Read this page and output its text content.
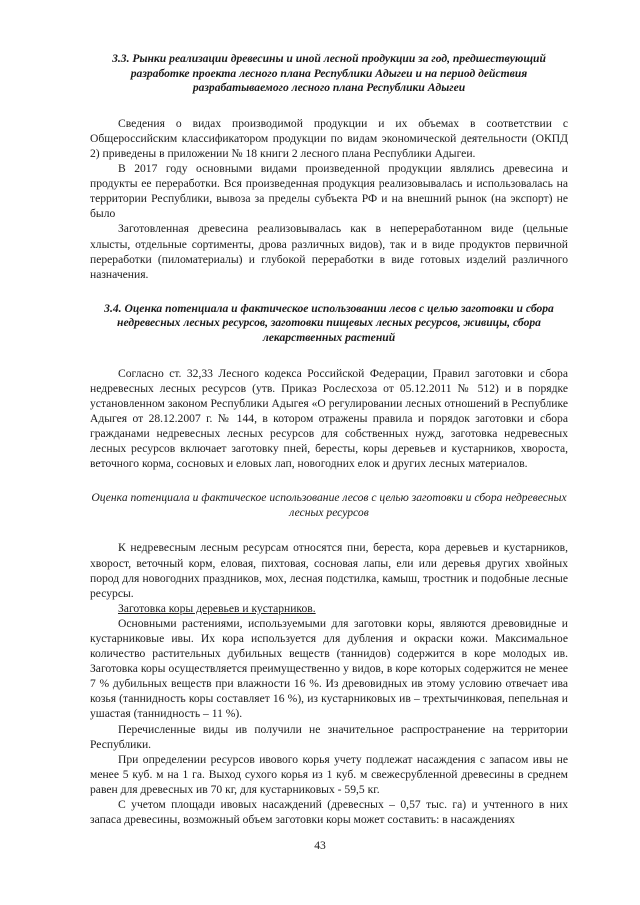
3.3. Рынки реализации древесины и иной лесной продукции за год, предшествующий разработке проекта лесного плана Республики Адыгеи и на период действия разрабатываемого лесного плана Республики Адыгеи

Сведения о видах производимой продукции и их объемах в соответствии с Общероссийским классификатором продукции по видам экономической деятельности (ОКПД 2) приведены в приложении № 18 книги 2 лесного плана Республики Адыгеи.

В 2017 году основными видами произведенной продукции являлись древесина и продукты ее переработки. Вся произведенная продукция реализовывалась и использовалась на территории Республики, вывоза за пределы субъекта РФ и на внешний рынок (на экспорт) не было

Заготовленная древесина реализовывалась как в непереработанном виде (цельные хлысты, отдельные сортименты, дрова различных видов), так и в виде продуктов первичной переработки (пиломатериалы) и глубокой переработки в виде готовых изделий различного назначения.

3.4. Оценка потенциала и фактическое использовании лесов с целью заготовки и сбора недревесных лесных ресурсов, заготовки пищевых лесных ресурсов, живицы, сбора лекарственных растений

Согласно ст. 32,33 Лесного кодекса Российской Федерации, Правил заготовки и сбора недревесных лесных ресурсов (утв. Приказ Рослесхоза от 05.12.2011 № 512) и в порядке установленном законом Республики Адыгея «О регулировании лесных отношений в Республике Адыгея от 28.12.2007 г. № 144, в котором отражены правила и порядок заготовки и сбора гражданами недревесных лесных ресурсов для собственных нужд, заготовка недревесных лесных ресурсов включает заготовку пней, бересты, коры деревьев и кустарников, хвороста, веточного корма, сосновых и еловых лап, новогодних елок и других лесных материалов.

Оценка потенциала и фактическое использование лесов с целью заготовки и сбора недревесных лесных ресурсов

К недревесным лесным ресурсам относятся пни, береста, кора деревьев и кустарников, хворост, веточный корм, еловая, пихтовая, сосновая лапы, ели или деревья других хвойных пород для новогодних праздников, мох, лесная подстилка, камыш, тростник и подобные лесные ресурсы.

Заготовка коры деревьев и кустарников.

Основными растениями, используемыми для заготовки коры, являются древовидные и кустарниковые ивы. Их кора используется для дубления и окраски кожи. Максимальное количество растительных дубильных веществ (таннидов) содержится в коре молодых ив. Заготовка коры осуществляется преимущественно у видов, в коре которых содержится не менее 7 % дубильных веществ при влажности 16 %. Из древовидных ив этому условию отвечает ива козья (таннидность коры составляет 16 %), из кустарниковых ив – трехтычинковая, пепельная и ушастая (таннидность – 11 %).

Перечисленные виды ив получили не значительное распространение на территории Республики.

При определении ресурсов ивового корья учету подлежат насаждения с запасом ивы не менее 5 куб. м на 1 га. Выход сухого корья из 1 куб. м свежесрубленной древесины в среднем равен для древесных ив 70 кг, для кустарниковых - 59,5 кг.

С учетом площади ивовых насаждений (древесных – 0,57 тыс. га) и учтенного в них запаса древесины, возможный объем заготовки коры может составить: в насаждениях

43
